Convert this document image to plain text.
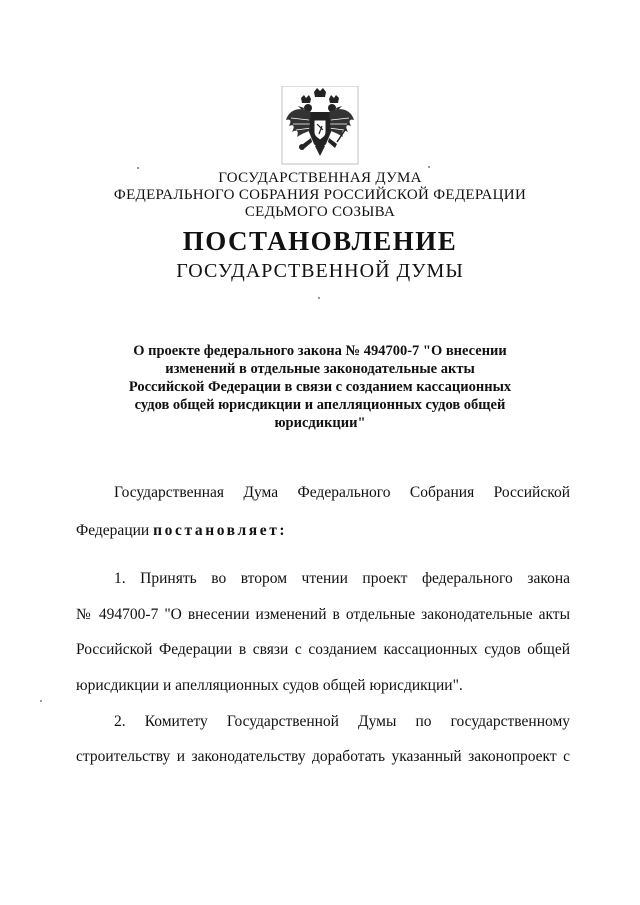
ГОСУДАРСТВЕННАЯ ДУМА
ФЕДЕРАЛЬНОГО СОБРАНИЯ РОССИЙСКОЙ ФЕДЕРАЦИИ
СЕДЬМОГО СОЗЫВА
ПОСТАНОВЛЕНИЕ
ГОСУДАРСТВЕННОЙ ДУМЫ
О проекте федерального закона № 494700-7 "О внесении
изменений в отдельные законодательные акты
Российской Федерации в связи с созданием кассационных
судов общей юрисдикции и апелляционных судов общей
юрисдикции"
Государственная Дума Федерального Собрания Российской
Федерации постановляет:
1. Принять во втором чтении проект федерального закона
№ 494700-7 "О внесении изменений в отдельные законодательные акты
Российской Федерации в связи с созданием кассационных судов общей
юрисдикции и апелляционных судов общей юрисдикции".
2. Комитету Государственной Думы по государственному
строительству и законодательству доработать указанный законопроект с
